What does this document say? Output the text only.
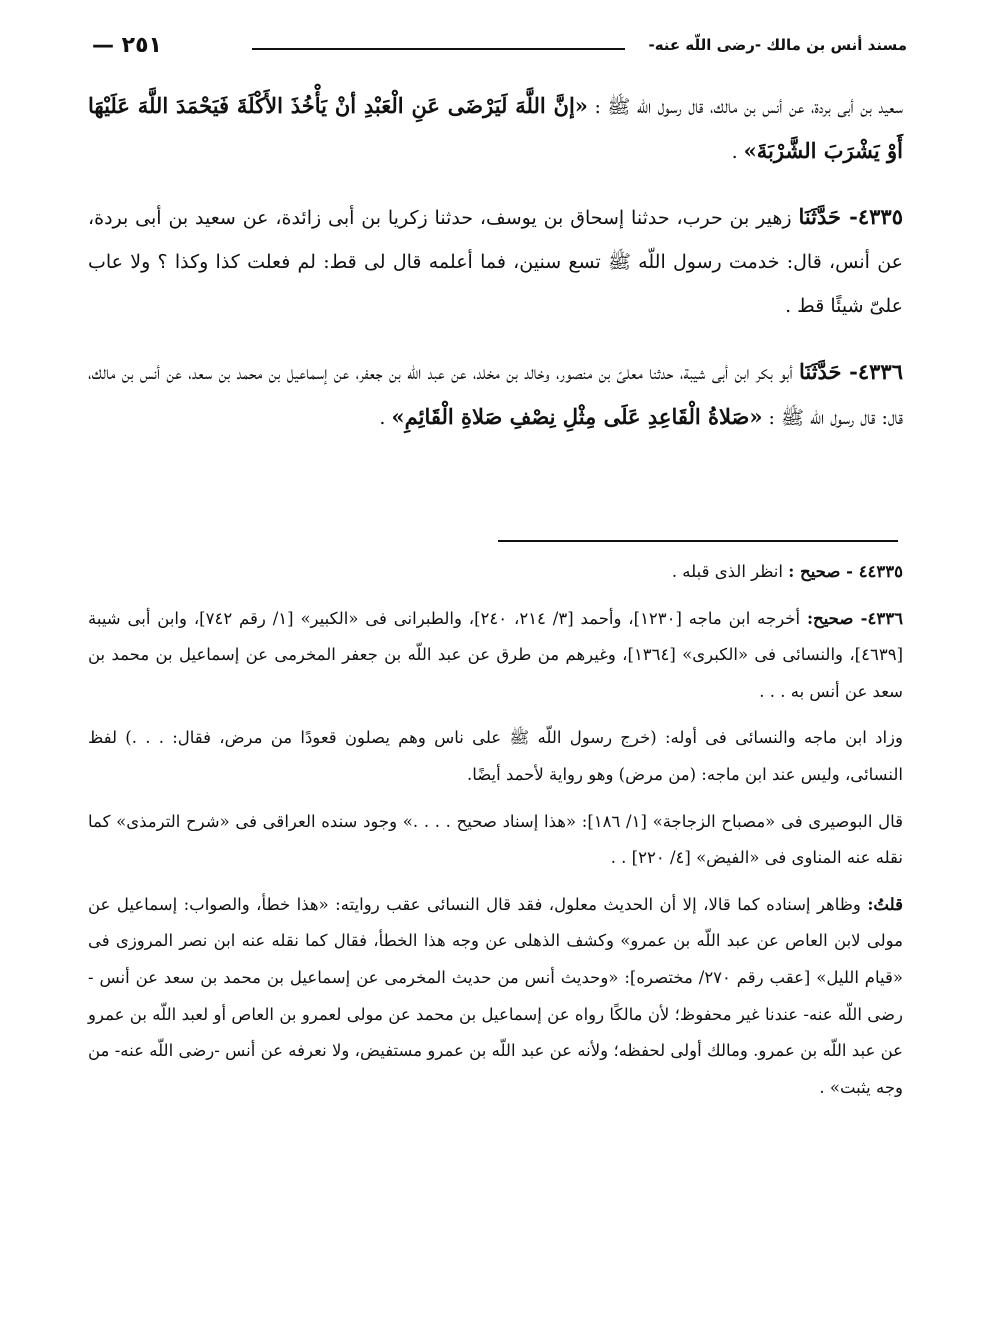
مسند أنس بن مالك -رضى اللّه عنه-
٢٥١ —

سعيد بن أبى بردة، عن أنس بن مالك، قال رسول اللّه ﷺ : «إنَّ اللَّهَ لَيَرْضَى عَنِ الْعَبْدِ أنْ يَأْخُذَ الأَكْلَةَ فَيَحْمَدَ اللَّهَ عَلَيْهَا أَوْ يَشْرَبَ الشَّرْبَةَ» .

٤٣٣٥- حَدَّثَنَا زهير بن حرب، حدثنا إسحاق بن يوسف، حدثنا زكريا بن أبى زائدة، عن سعيد بن أبى بردة، عن أنس، قال: خدمت رسول اللّه ﷺ تسع سنين، فما أعلمه قال لى قط: لم فعلت كذا وكذا ؟ ولا عاب علىّ شيئًا قط .

٤٣٣٦- حَدَّثَنَا أبو بكر ابن أبى شيبة، حدثنا معلىّ بن منصور، وخالد بن مخلد، عن عبد اللّه بن جعفر، عن إسماعيل بن محمد بن سعد، عن أنس بن مالك، قال: قال رسول اللّه ﷺ : «صَلاةُ الْقَاعِدِ عَلَى مِثْلِ نِصْفِ صَلاةِ الْقَائِمِ» .

٤٤٣٣٥ - صحيح : انظر الذى قبله .

٤٣٣٦- صحيح: أخرجه ابن ماجه [١٢٣٠]، وأحمد [٣/ ٢١٤، ٢٤٠]، والطبرانى فى «الكبير» [١/ رقم ٧٤٢]، وابن أبى شيبة [٤٦٣٩]، والنسائى فى «الكبرى» [١٣٦٤]، وغيرهم من طرق عن عبد اللّه بن جعفر المخرمى عن إسماعيل بن محمد بن سعد عن أنس به . . .

وزاد ابن ماجه والنسائى فى أوله: (خرج رسول اللّه ﷺ على ناس وهم يصلون قعودًا من مرض، فقال: . . .) لفظ النسائى، وليس عند ابن ماجه: (من مرض) وهو رواية لأحمد أيضًا.

قال البوصيرى فى «مصباح الزجاجة» [١/ ١٨٦]: «هذا إسناد صحيح . . . .» وجود سنده العراقى فى «شرح الترمذى» كما نقله عنه المناوى فى «الفيض» [٤/ ٢٢٠] . .

قلتُ: وظاهر إسناده كما قالا، إلا أن الحديث معلول، فقد قال النسائى عقب روايته: «هذا خطأ، والصواب: إسماعيل عن مولى لابن العاص عن عبد اللّه بن عمرو» وكشف الذهلى عن وجه هذا الخطأ، فقال كما نقله عنه ابن نصر المروزى فى «قيام الليل» [عقب رقم ٢٧٠/ مختصره]: «وحديث أنس من حديث المخرمى عن إسماعيل بن محمد بن سعد عن أنس - رضى اللّه عنه- عندنا غير محفوظ؛ لأن مالكًا رواه عن إسماعيل بن محمد عن مولى لعمرو بن العاص أو لعبد اللّه بن عمرو عن عبد اللّه بن عمرو. ومالك أولى لحفظه؛ ولأنه عن عبد اللّه بن عمرو مستفيض، ولا نعرفه عن أنس -رضى اللّه عنه- من وجه يثبت» .
